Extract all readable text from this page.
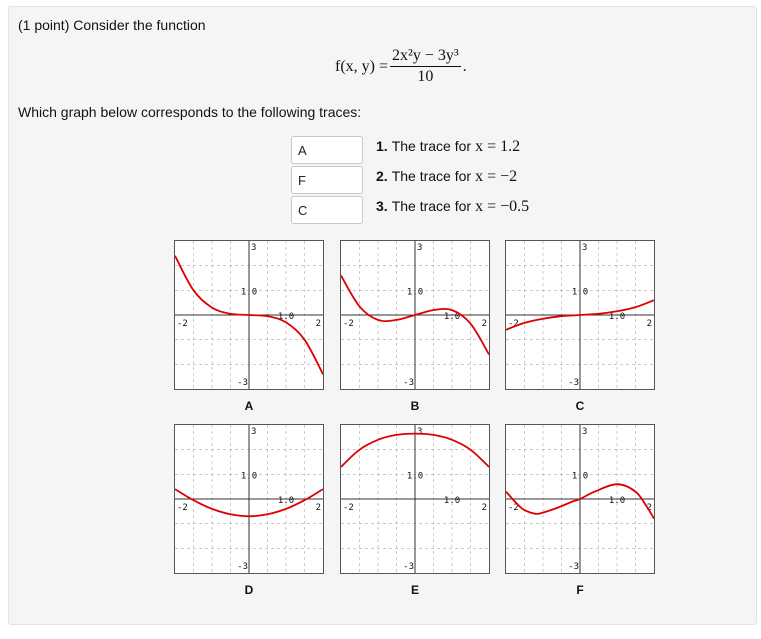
(1 point) Consider the function
f(x, $y) = \frac{\text{2x²y − 3y³}}{10}$ .
Which graph below corresponds to the following traces:
A
F
C
1. The trace for x = 1.2
2. The trace for x = −2
3. The trace for x = −0.5
3
1.0
-2
1.0
2
-3
3
1.0
-2
1.0
2
-3
3
1.0
-2
1.0
2
-3
3
1.0
-2
1.0
2
-3
3
1.0
-2
1.0
2
-3
3
1.0
-2
1.0
2
-3
A	B	C
D	E	F
